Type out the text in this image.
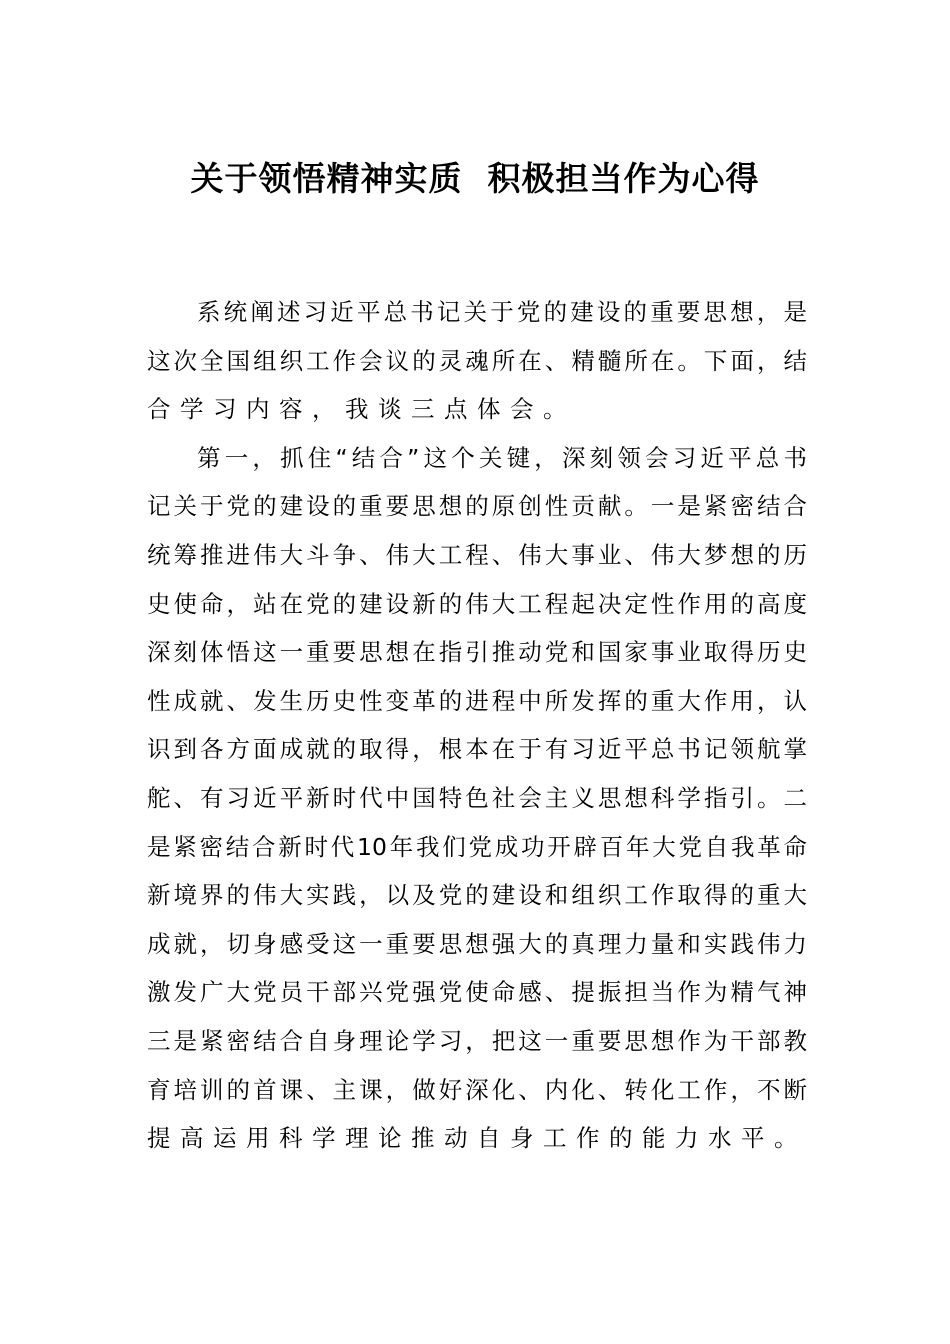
关于领悟精神实质  积极担当作为心得
系统阐述习近平总书记关于党的建设的重要思想，是
这次全国组织工作会议的灵魂所在、精髓所在。下面，结
合学习内容，我谈三点体会。
第一，抓住“结合”这个关键，深刻领会习近平总书
记关于党的建设的重要思想的原创性贡献。一是紧密结合
统筹推进伟大斗争、伟大工程、伟大事业、伟大梦想的历
史使命，站在党的建设新的伟大工程起决定性作用的高度
深刻体悟这一重要思想在指引推动党和国家事业取得历史
性成就、发生历史性变革的进程中所发挥的重大作用，认
识到各方面成就的取得，根本在于有习近平总书记领航掌
舵、有习近平新时代中国特色社会主义思想科学指引。二
是紧密结合新时代10年我们党成功开辟百年大党自我革命
新境界的伟大实践，以及党的建设和组织工作取得的重大
成就，切身感受这一重要思想强大的真理力量和实践伟力
激发广大党员干部兴党强党使命感、提振担当作为精气神
三是紧密结合自身理论学习，把这一重要思想作为干部教
育培训的首课、主课，做好深化、内化、转化工作，不断
提高运用科学理论推动自身工作的能力水平。
